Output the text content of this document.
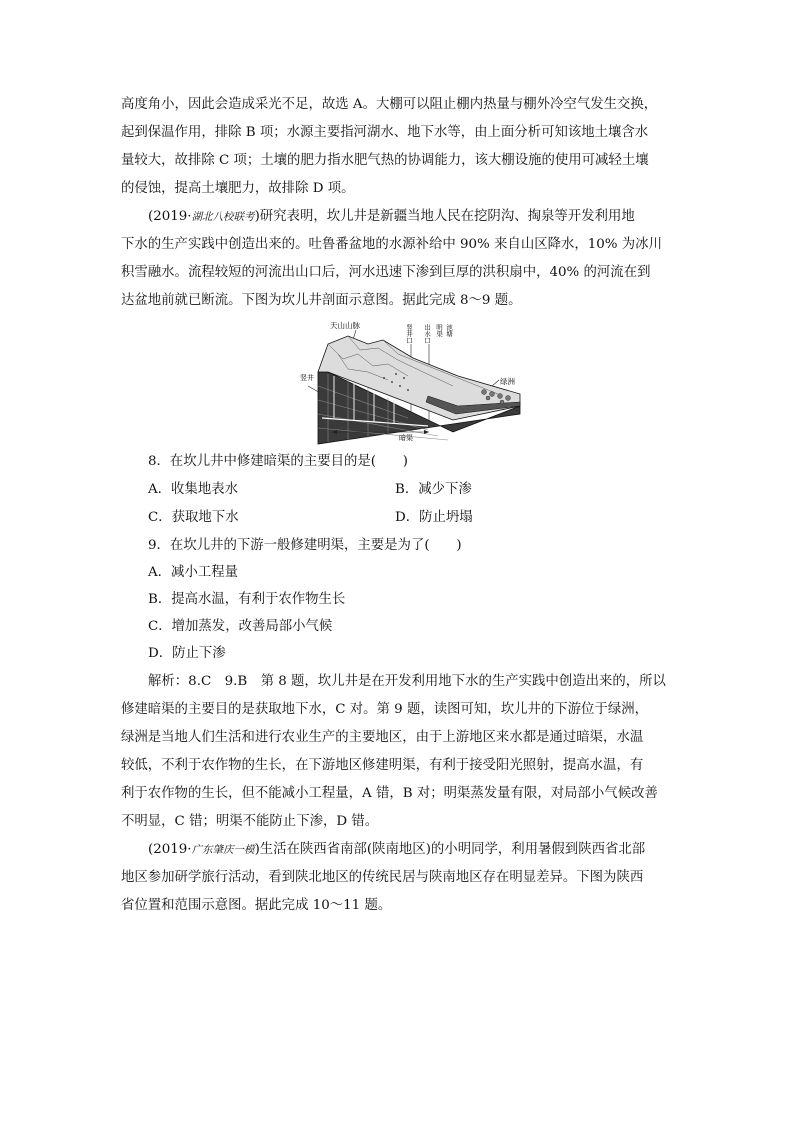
高度角小，因此会造成采光不足，故选 A。大棚可以阻止棚内热量与棚外冷空气发生交换，
起到保温作用，排除 B 项；水源主要指河湖水、地下水等，由上面分析可知该地土壤含水
量较大，故排除 C 项；土壤的肥力指水肥气热的协调能力，该大棚设施的使用可减轻土壤
的侵蚀，提高土壤肥力，故排除 D 项。
(2019·湖北八校联考)研究表明，坎儿井是新疆当地人民在挖阴沟、掏泉等开发利用地
下水的生产实践中创造出来的。吐鲁番盆地的水源补给中 90% 来自山区降水，10% 为冰川
积雪融水。流程较短的河流出山口后，河水迅速下渗到巨厚的洪积扇中，40% 的河流在到
达盆地前就已断流。下图为坎儿井剖面示意图。据此完成 8～9 题。
天山山脉	竖井口 出水口 明渠 池塘
绿洲
竖井
暗渠
8．在坎儿井中修建暗渠的主要目的是(　　)
A．收集地表水	B．减少下渗
C．获取地下水	D．防止坍塌
9．在坎儿井的下游一般修建明渠，主要是为了(　　)
A．减小工程量
B．提高水温，有利于农作物生长
C．增加蒸发，改善局部小气候
D．防止下渗
解析：8.C　9.B　第 8 题，坎儿井是在开发利用地下水的生产实践中创造出来的，所以
修建暗渠的主要目的是获取地下水，C 对。第 9 题，读图可知，坎儿井的下游位于绿洲，
绿洲是当地人们生活和进行农业生产的主要地区，由于上游地区来水都是通过暗渠，水温
较低，不利于农作物的生长，在下游地区修建明渠，有利于接受阳光照射，提高水温，有
利于农作物的生长，但不能减小工程量，A 错，B 对；明渠蒸发量有限，对局部小气候改善
不明显，C 错；明渠不能防止下渗，D 错。
(2019·广东肇庆一模)生活在陕西省南部(陕南地区)的小明同学，利用暑假到陕西省北部
地区参加研学旅行活动，看到陕北地区的传统民居与陕南地区存在明显差异。下图为陕西
省位置和范围示意图。据此完成 10～11 题。
